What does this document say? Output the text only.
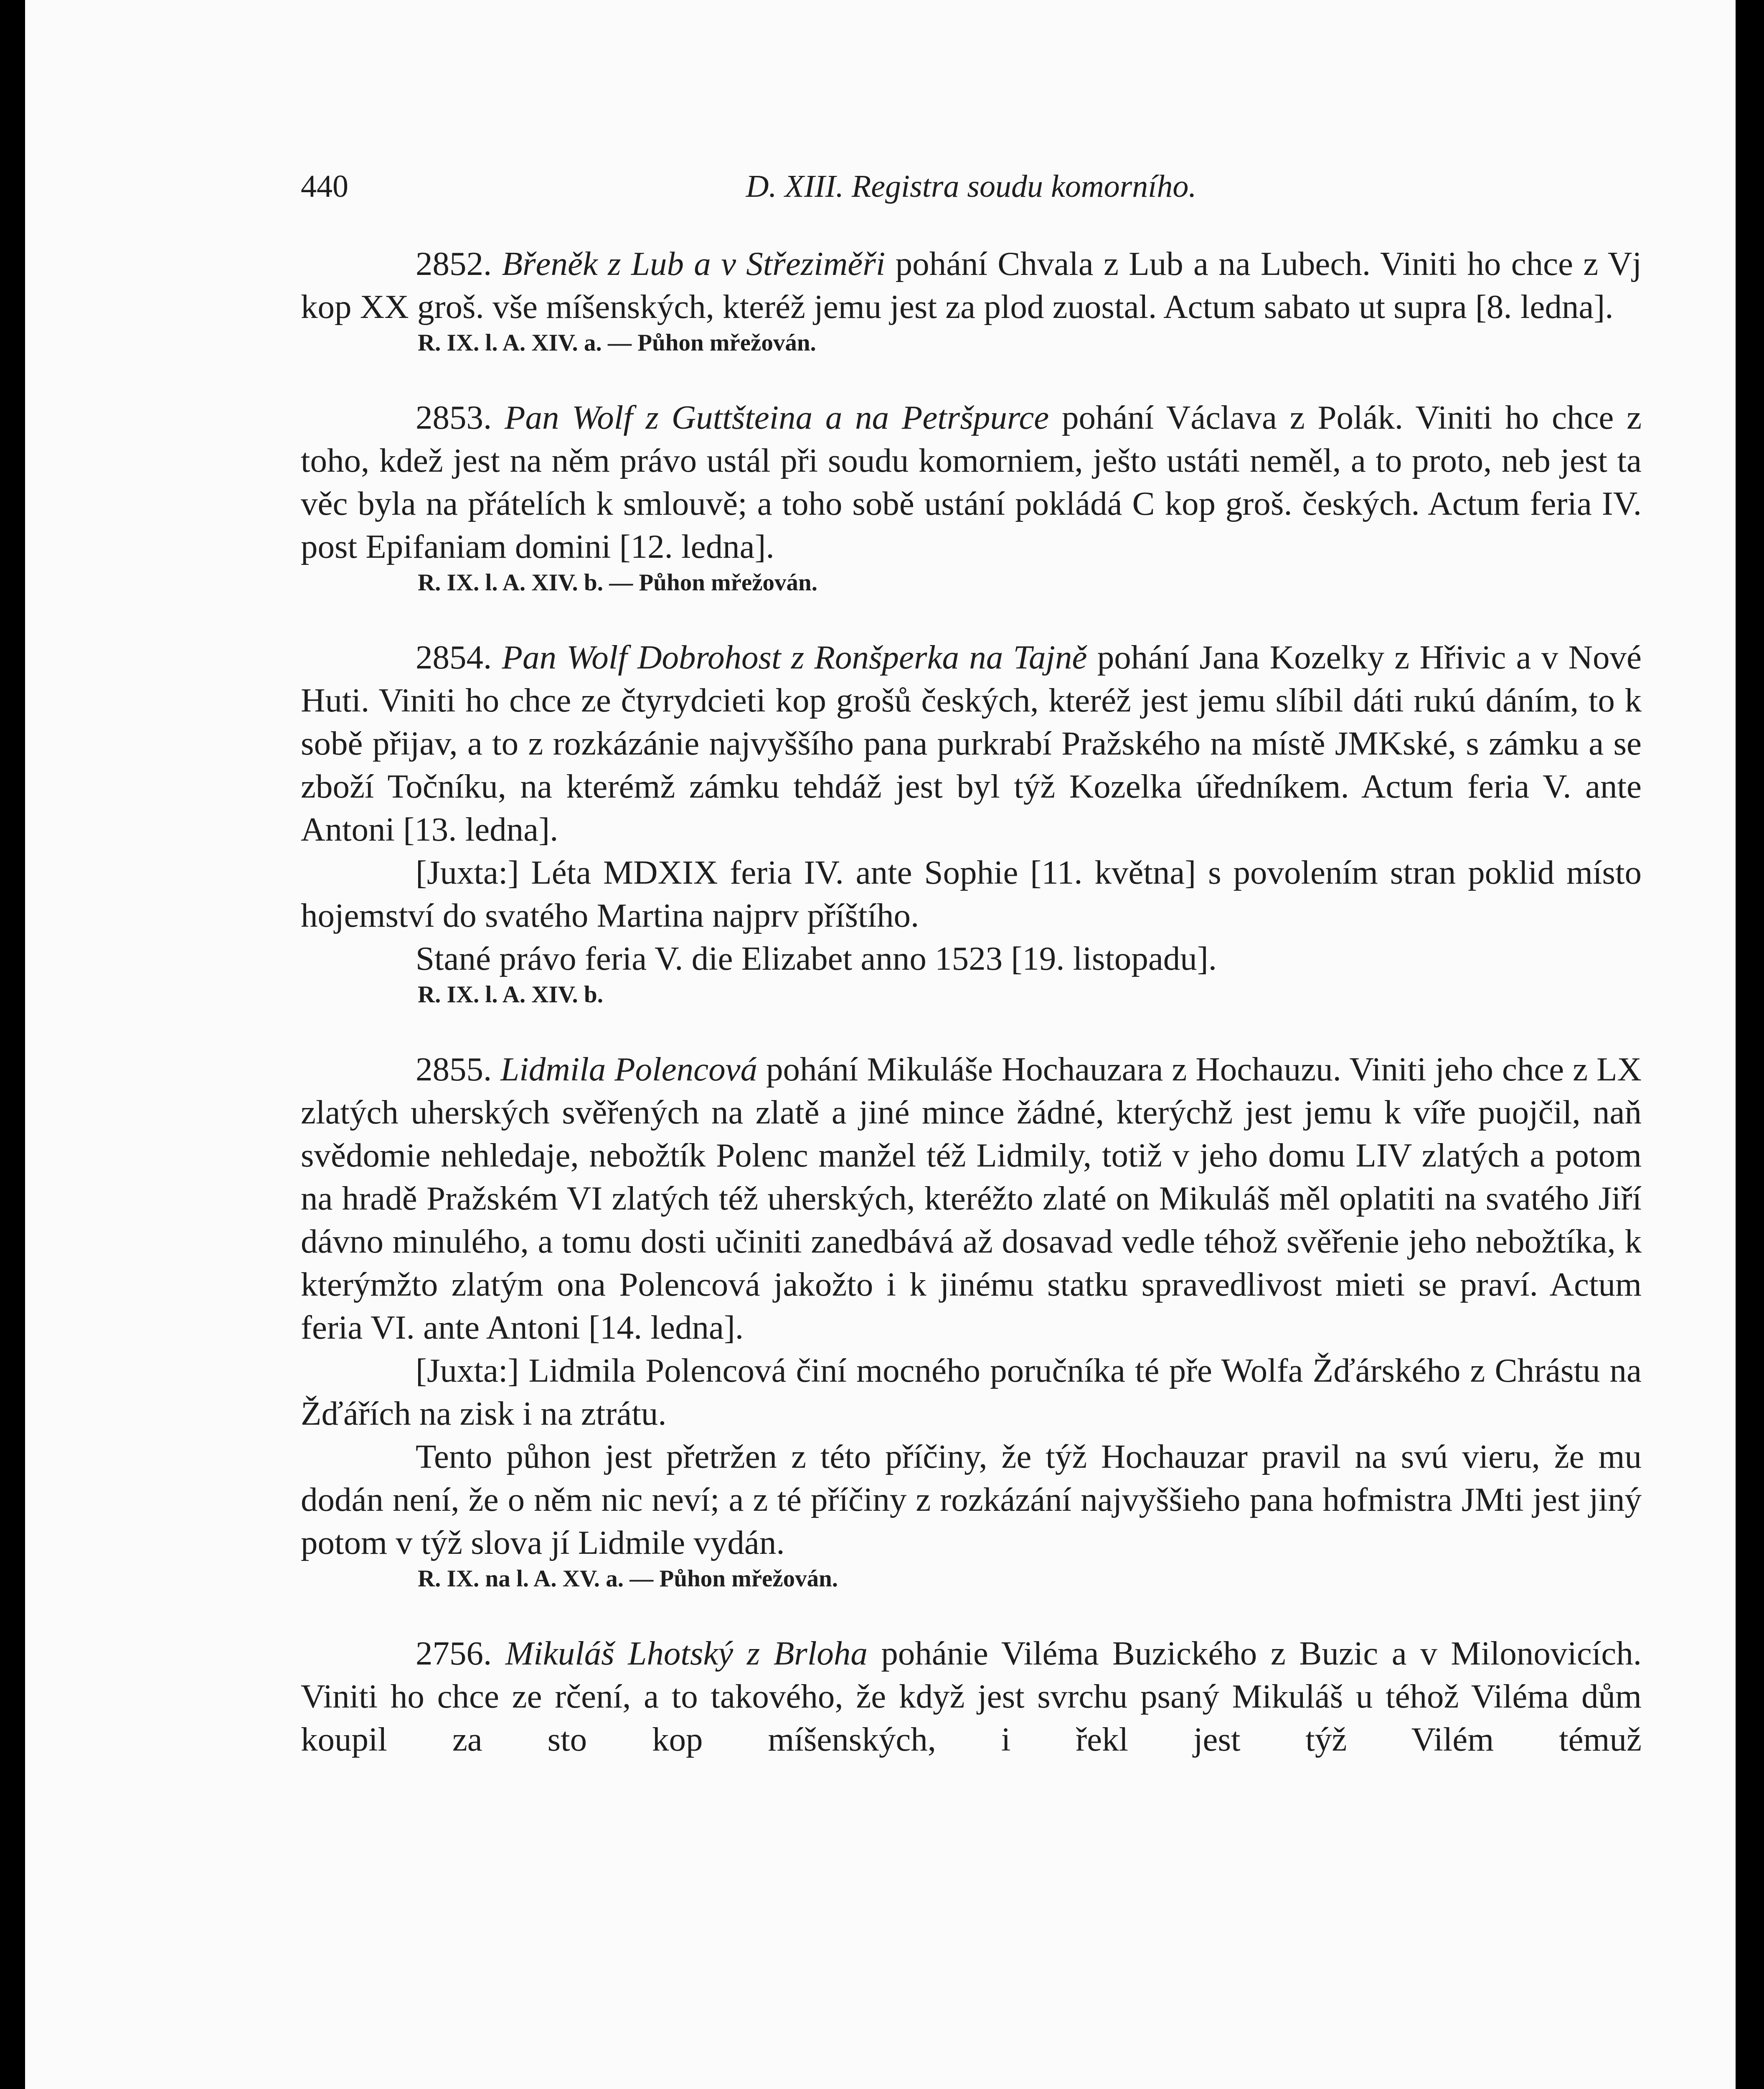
440	D. XIII. Registra soudu komorního.

2852. Břeněk z Lub a v Střeziměři pohání Chvala z Lub a na Lubech. Viniti ho chce z Vj kop XX groš. vše míšenských, kteréž jemu jest za plod zuostal. Actum sabato ut supra [8. ledna].

R. IX. l. A. XIV. a. — Půhon mřežován.

2853. Pan Wolf z Guttšteina a na Petršpurce pohání Václava z Polák. Viniti ho chce z toho, kdež jest na něm právo ustál při soudu komorniem, ješto ustáti neměl, a to proto, neb jest ta věc byla na přátelích k smlouvě; a toho sobě ustání pokládá C kop groš. českých. Actum feria IV. post Epifaniam domini [12. ledna].

R. IX. l. A. XIV. b. — Půhon mřežován.

2854. Pan Wolf Dobrohost z Ronšperka na Tajně pohání Jana Kozelky z Hřivic a v Nové Huti. Viniti ho chce ze čtyrydcieti kop grošů českých, kteréž jest jemu slíbil dáti rukú dáním, to k sobě přijav, a to z rozkázánie najvyššího pana purkrabí Pražského na místě JMKské, s zámku a se zboží Točníku, na kterémž zámku tehdáž jest byl týž Kozelka úředníkem. Actum feria V. ante Antoni [13. ledna].

[Juxta:] Léta MDXIX feria IV. ante Sophie [11. května] s povolením stran poklid místo hojemství do svatého Martina najprv příštího.

Stané právo feria V. die Elizabet anno 1523 [19. listopadu].

R. IX. l. A. XIV. b.

2855. Lidmila Polencová pohání Mikuláše Hochauzara z Hochauzu. Viniti jeho chce z LX zlatých uherských svěřených na zlatě a jiné mince žádné, kterýchž jest jemu k víře puojčil, naň svědomie nehledaje, nebožtík Polenc manžel též Lidmily, totiž v jeho domu LIV zlatých a potom na hradě Pražském VI zlatých též uherských, kteréžto zlaté on Mikuláš měl oplatiti na svatého Jiří dávno minulého, a tomu dosti učiniti zanedbává až dosavad vedle téhož svěřenie jeho nebožtíka, k kterýmžto zlatým ona Polencová jakožto i k jinému statku spravedlivost mieti se praví. Actum feria VI. ante Antoni [14. ledna].

[Juxta:] Lidmila Polencová činí mocného poručníka té pře Wolfa Žďárského z Chrástu na Žďářích na zisk i na ztrátu.

Tento půhon jest přetržen z této příčiny, že týž Hochauzar pravil na svú vieru, že mu dodán není, že o něm nic neví; a z té příčiny z rozkázání najvyššieho pana hofmistra JMti jest jiný potom v týž slova jí Lidmile vydán.

R. IX. na l. A. XV. a. — Půhon mřežován.

2756. Mikuláš Lhotský z Brloha pohánie Viléma Buzického z Buzic a v Milonovicích. Viniti ho chce ze rčení, a to takového, že když jest svrchu psaný Mikuláš u téhož Viléma dům koupil za sto kop míšenských, i řekl jest týž Vilém témuž
